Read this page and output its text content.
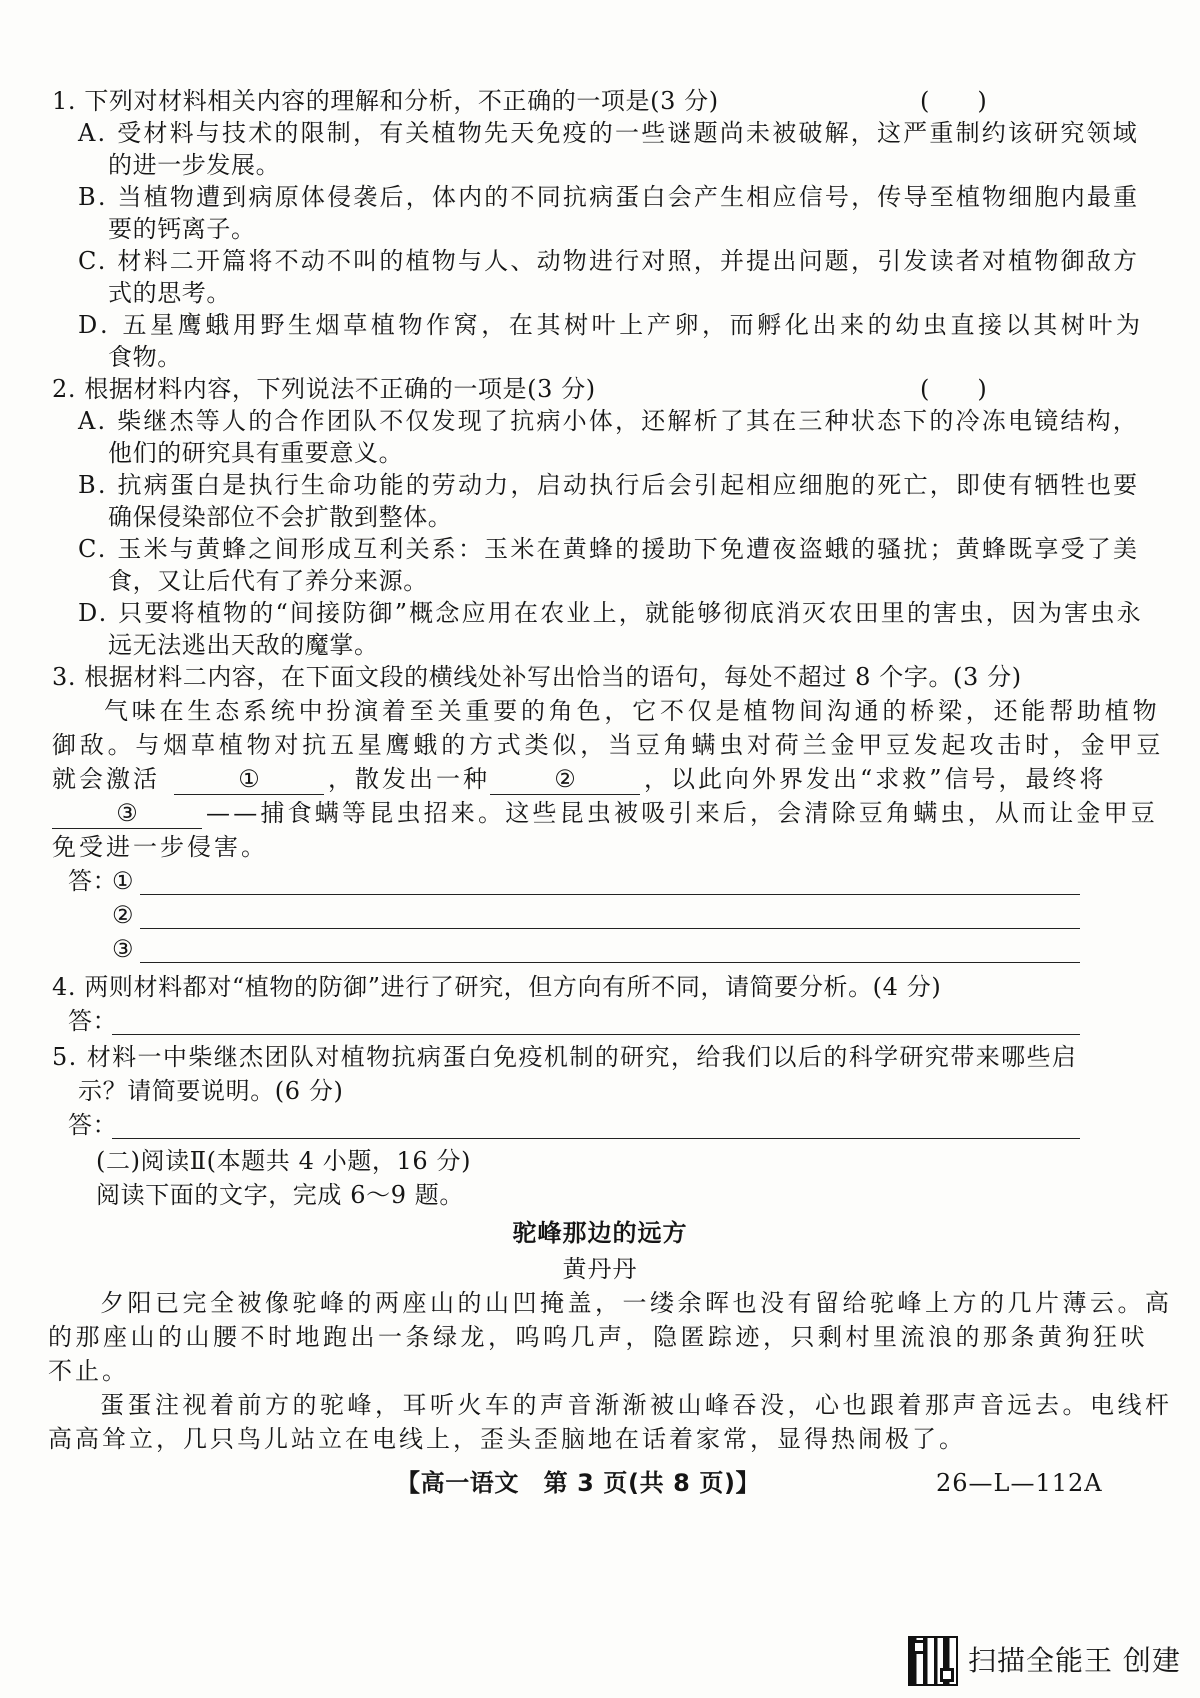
1. 下列对材料相关内容的理解和分析，不正确的一项是(3 分)	(　　)
A. 受材料与技术的限制，有关植物先天免疫的一些谜题尚未被破解，这严重制约该研究领域
的进一步发展。
B. 当植物遭到病原体侵袭后，体内的不同抗病蛋白会产生相应信号，传导至植物细胞内最重
要的钙离子。
C. 材料二开篇将不动不叫的植物与人、动物进行对照，并提出问题，引发读者对植物御敌方
式的思考。
D. 五星鹰蛾用野生烟草植物作窝，在其树叶上产卵，而孵化出来的幼虫直接以其树叶为
食物。
2. 根据材料内容，下列说法不正确的一项是(3 分)	(　　)
A. 柴继杰等人的合作团队不仅发现了抗病小体，还解析了其在三种状态下的冷冻电镜结构，
他们的研究具有重要意义。
B. 抗病蛋白是执行生命功能的劳动力，启动执行后会引起相应细胞的死亡，即使有牺牲也要
确保侵染部位不会扩散到整体。
C. 玉米与黄蜂之间形成互利关系：玉米在黄蜂的援助下免遭夜盗蛾的骚扰；黄蜂既享受了美
食，又让后代有了养分来源。
D. 只要将植物的“间接防御”概念应用在农业上，就能够彻底消灭农田里的害虫，因为害虫永
远无法逃出天敌的魔掌。
3. 根据材料二内容，在下面文段的横线处补写出恰当的语句，每处不超过 8 个字。(3 分)
气味在生态系统中扮演着至关重要的角色，它不仅是植物间沟通的桥梁，还能帮助植物
御敌。与烟草植物对抗五星鹰蛾的方式类似，当豆角螨虫对荷兰金甲豆发起攻击时，金甲豆
就会激活	①	，散发出一种	②	，以此向外界发出“求救”信号，最终将
③	——捕食螨等昆虫招来。这些昆虫被吸引来后，会清除豆角螨虫，从而让金甲豆
免受进一步侵害。
答：
①
②
③
4. 两则材料都对“植物的防御”进行了研究，但方向有所不同，请简要分析。(4 分)
答：
5. 材料一中柴继杰团队对植物抗病蛋白免疫机制的研究，给我们以后的科学研究带来哪些启
示？请简要说明。(6 分)
答：
(二)阅读Ⅱ(本题共 4 小题，16 分)
阅读下面的文字，完成 6～9 题。
驼峰那边的远方
黄丹丹
夕阳已完全被像驼峰的两座山的山凹掩盖，一缕余晖也没有留给驼峰上方的几片薄云。高
的那座山的山腰不时地跑出一条绿龙，呜呜几声，隐匿踪迹，只剩村里流浪的那条黄狗狂吠
不止。
蛋蛋注视着前方的驼峰，耳听火车的声音渐渐被山峰吞没，心也跟着那声音远去。电线杆
高高耸立，几只鸟儿站立在电线上，歪头歪脑地在话着家常，显得热闹极了。
【高一语文　第 3 页(共 8 页)】	26—L—112A
扫描全能王 创建
